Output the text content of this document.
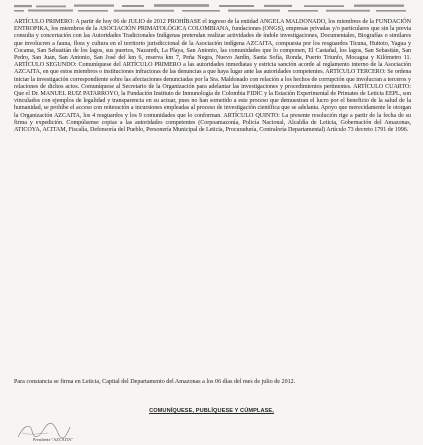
ARTÍCULO PRIMERO: A partir de hoy 06 de JULIO de 2012 PROHÍBASE el ingreso de la entidad ANGELA MALDONADO, los miembros de la FUNDACIÓN ENTROPIKA, los miembros de la ASOCIACIÓN PRIMATOLÓGICA COLOMBIANA, fundaciones (ONGS), empresas privadas y/o particulares que sin la previa consulta y concertación con las Autoridades Tradicionales Indígenas pretendan realizar actividades de índole investigaciones, Documentales, Biografías o similares que involucren a fauna, flora y cultura en el territorio jurisdiccional de la Asociación indígena AZCAITA, compuesta por los resguardos Ticuna, Huitoto, Yagua y Cocama, San Sebastián de los lagos, sus puertos, Nazareth, La Playa, San Antonio, las comunidades que lo componen, El Castañal, los lagos, San Sebastián, San Pedro, San Juan, San Antonio, San José del km 6, reserva km 7, Peña Negra, Nuevo Jardín, Santa Sofía, Ronda, Puerto Triunfo, Mocagua y Kilómetro 11. ARTÍCULO SEGUNDO: Comuníquese del ARTÍCULO PRIMERO a las autoridades inmediatas y estricta sanción acorde al reglamento interno de la Asociación AZCAITA, en que estos miembros o instituciones infractoras de las denuncias a que haya lugar ante las autoridades competentes. ARTÍCULO TERCERO: Se ordena iniciar la investigación correspondiente sobre las afectaciones denunciadas por la Sra. Maldonado con relación a los hechos de corrupción que involucran a terceros y relaciones de dichos actos. Comuníquese al Secretario de la Organización para adelantar las investigaciones y procedimientos pertinentes. ARTÍCULO CUARTO: Que el Dr. MANUEL RUIZ PATARROYO, la Fundación Instituto de Inmunología de Colombia FIDIC y la Estación Experimental de Primates de Leticia EEPL, son vinculados con ejemplos de legalidad y transparencia en su actuar, pues no han sometido a este proceso que demuestran el lucro por el beneficio de la salud de la humanidad, se prohíbe el acceso con reiteración a incursiones empleadas al proceso de investigación científica que se adelanta. Apoyo que merecidamente le otorgan la Organización AZCAITA, los 4 resguardos y los 9 comunidades que lo conforman. ARTÍCULO QUINTO: La presente resolución rige a partir de la fecha de su firma y expedición. Compúlsense copias a las autoridades competentes (Corpoamazonía, Policía Nacional, Alcaldía de Leticia, Gobernación del Amazonas, ATICOYA, ACITAM, Fiscalía, Defensoría del Pueblo, Personería Municipal de Leticia, Procuraduría, Contraloría Departamental) Artículo 73 decreto 1791 de 1996.
Para constancia se firma en Leticia, Capital del Departamento del Amazonas a los 06 días del mes de julio de 2012.
COMUNÍQUESE, PUBLÍQUESE Y CÚMPLASE,
Presidente "AZCAITA"
